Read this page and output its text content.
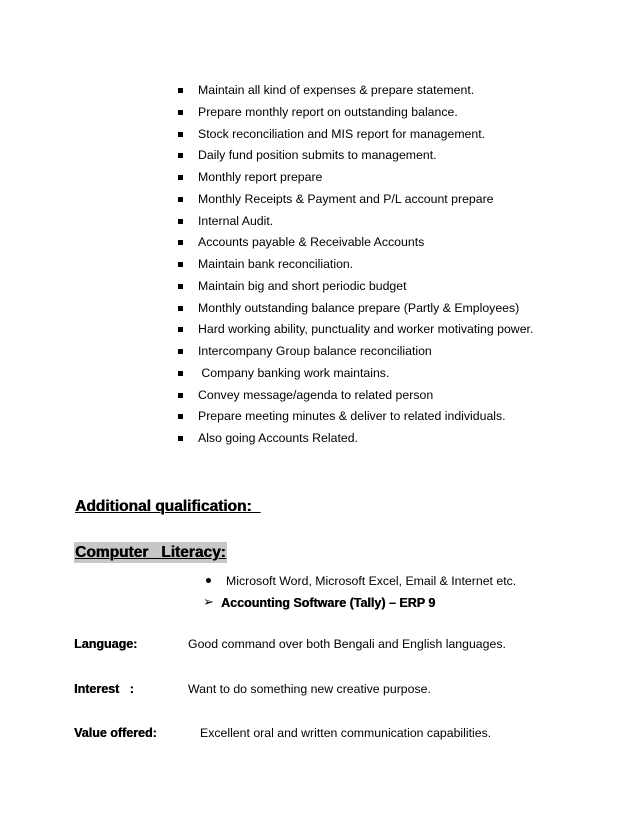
Maintain all kind of expenses & prepare statement.
Prepare monthly report on outstanding balance.
Stock reconciliation and MIS report for management.
Daily fund position submits to management.
Monthly report prepare
Monthly Receipts & Payment and P/L account prepare
Internal Audit.
Accounts payable & Receivable Accounts
Maintain bank reconciliation.
Maintain big and short periodic budget
Monthly outstanding balance prepare (Partly & Employees)
Hard working ability, punctuality and worker motivating power.
Intercompany Group balance reconciliation
Company banking work maintains.
Convey message/agenda to related person
Prepare meeting minutes & deliver to related individuals.
Also going Accounts Related.
Additional qualification:
Computer   Literacy:
Microsoft Word, Microsoft Excel, Email & Internet etc.
➢ Accounting Software (Tally) – ERP 9
Language:	Good command over both Bengali and English languages.
Interest   :	Want to do something new creative purpose.
Value offered:	Excellent oral and written communication capabilities.
